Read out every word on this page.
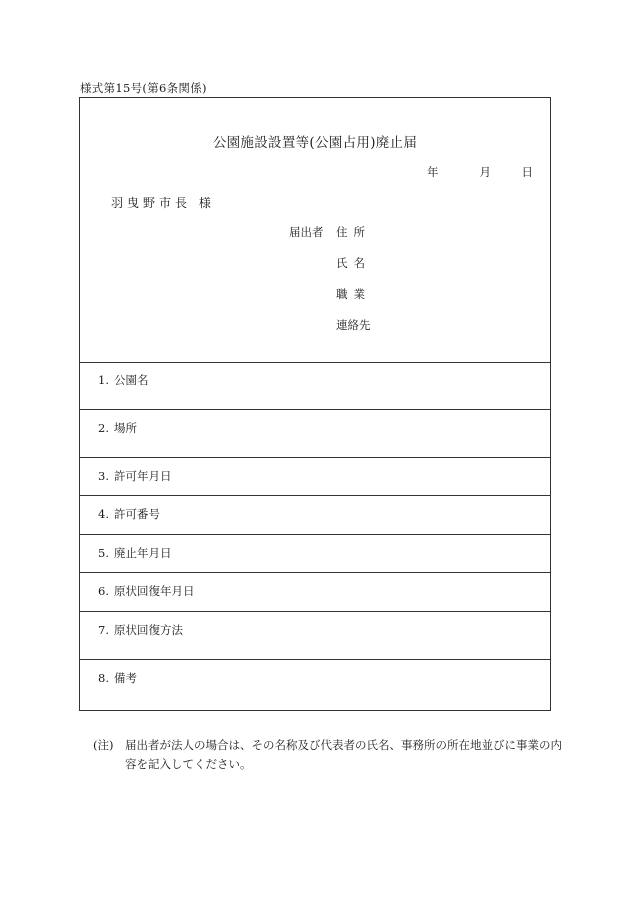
様式第15号(第6条関係)
公園施設設置等(公園占用)廃止届
年	月	日
羽曳野市長 様
届出者 住所
氏名
職業
連絡先
1. 公園名
2. 場所
3. 許可年月日
4. 許可番号
5. 廃止年月日
6. 原状回復年月日
7. 原状回復方法
8. 備考
(注) 届出者が法人の場合は、その名称及び代表者の氏名、事務所の所在地並びに事業の内容を記入してください。
